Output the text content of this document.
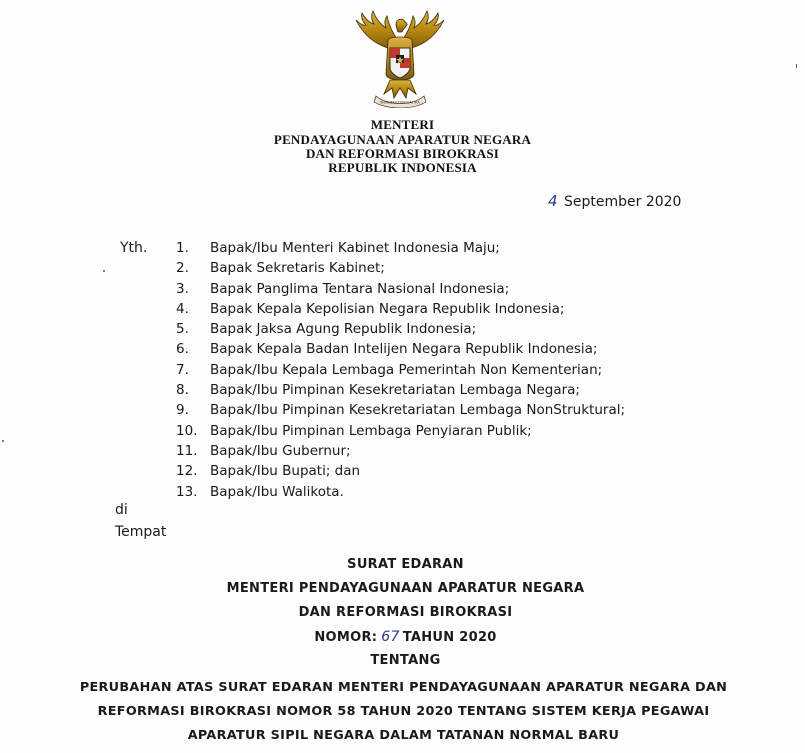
BHINNEKA TUNGGAL IKA
MENTERI
PENDAYAGUNAAN APARATUR NEGARA
DAN REFORMASI BIROKRASI
REPUBLIK INDONESIA
4 September 2020
Yth. 1.	Bapak/Ibu Menteri Kabinet Indonesia Maju;
2.	Bapak Sekretaris Kabinet;
3.	Bapak Panglima Tentara Nasional Indonesia;
4.	Bapak Kepala Kepolisian Negara Republik Indonesia;
5.	Bapak Jaksa Agung Republik Indonesia;
6.	Bapak Kepala Badan Intelijen Negara Republik Indonesia;
7.	Bapak/Ibu Kepala Lembaga Pemerintah Non Kementerian;
8.	Bapak/Ibu Pimpinan Kesekretariatan Lembaga Negara;
9.	Bapak/Ibu Pimpinan Kesekretariatan Lembaga NonStruktural;
10. Bapak/Ibu Pimpinan Lembaga Penyiaran Publik;
11. Bapak/Ibu Gubernur;
12. Bapak/Ibu Bupati; dan
13. Bapak/Ibu Walikota.
di
Tempat
SURAT EDARAN
MENTERI PENDAYAGUNAAN APARATUR NEGARA
DAN REFORMASI BIROKRASI
NOMOR: 67 TAHUN 2020
TENTANG
PERUBAHAN ATAS SURAT EDARAN MENTERI PENDAYAGUNAAN APARATUR NEGARA DAN
REFORMASI BIROKRASI NOMOR 58 TAHUN 2020 TENTANG SISTEM KERJA PEGAWAI
APARATUR SIPIL NEGARA DALAM TATANAN NORMAL BARU
